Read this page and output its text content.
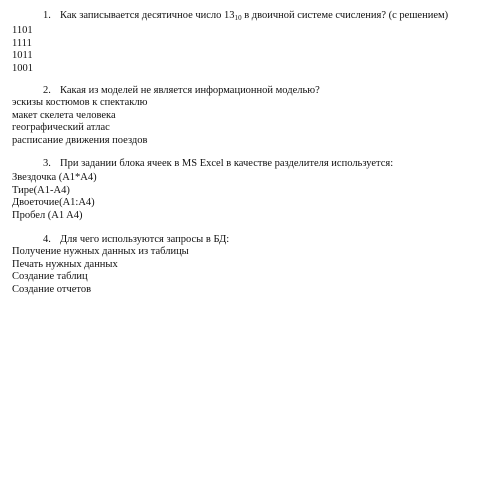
1. Как записывается десятичное число $13_{10}$ в двоичной системе счисления? (с решением)
1101
1111
1011
1001
2. Какая из моделей не является информационной моделью?
эскизы костюмов к спектаклю
макет скелета человека
географический атлас
расписание движения поездов
3. При задании блока ячеек в MS Excel в качестве разделителя используется:
Звездочка (A1*A4)
Тире(A1-A4)
Двоеточие(A1:A4)
Пробел (A1 A4)
4. Для чего используются запросы в БД:
Получение нужных данных из таблицы
Печать нужных данных
Создание таблиц
Создание отчетов
